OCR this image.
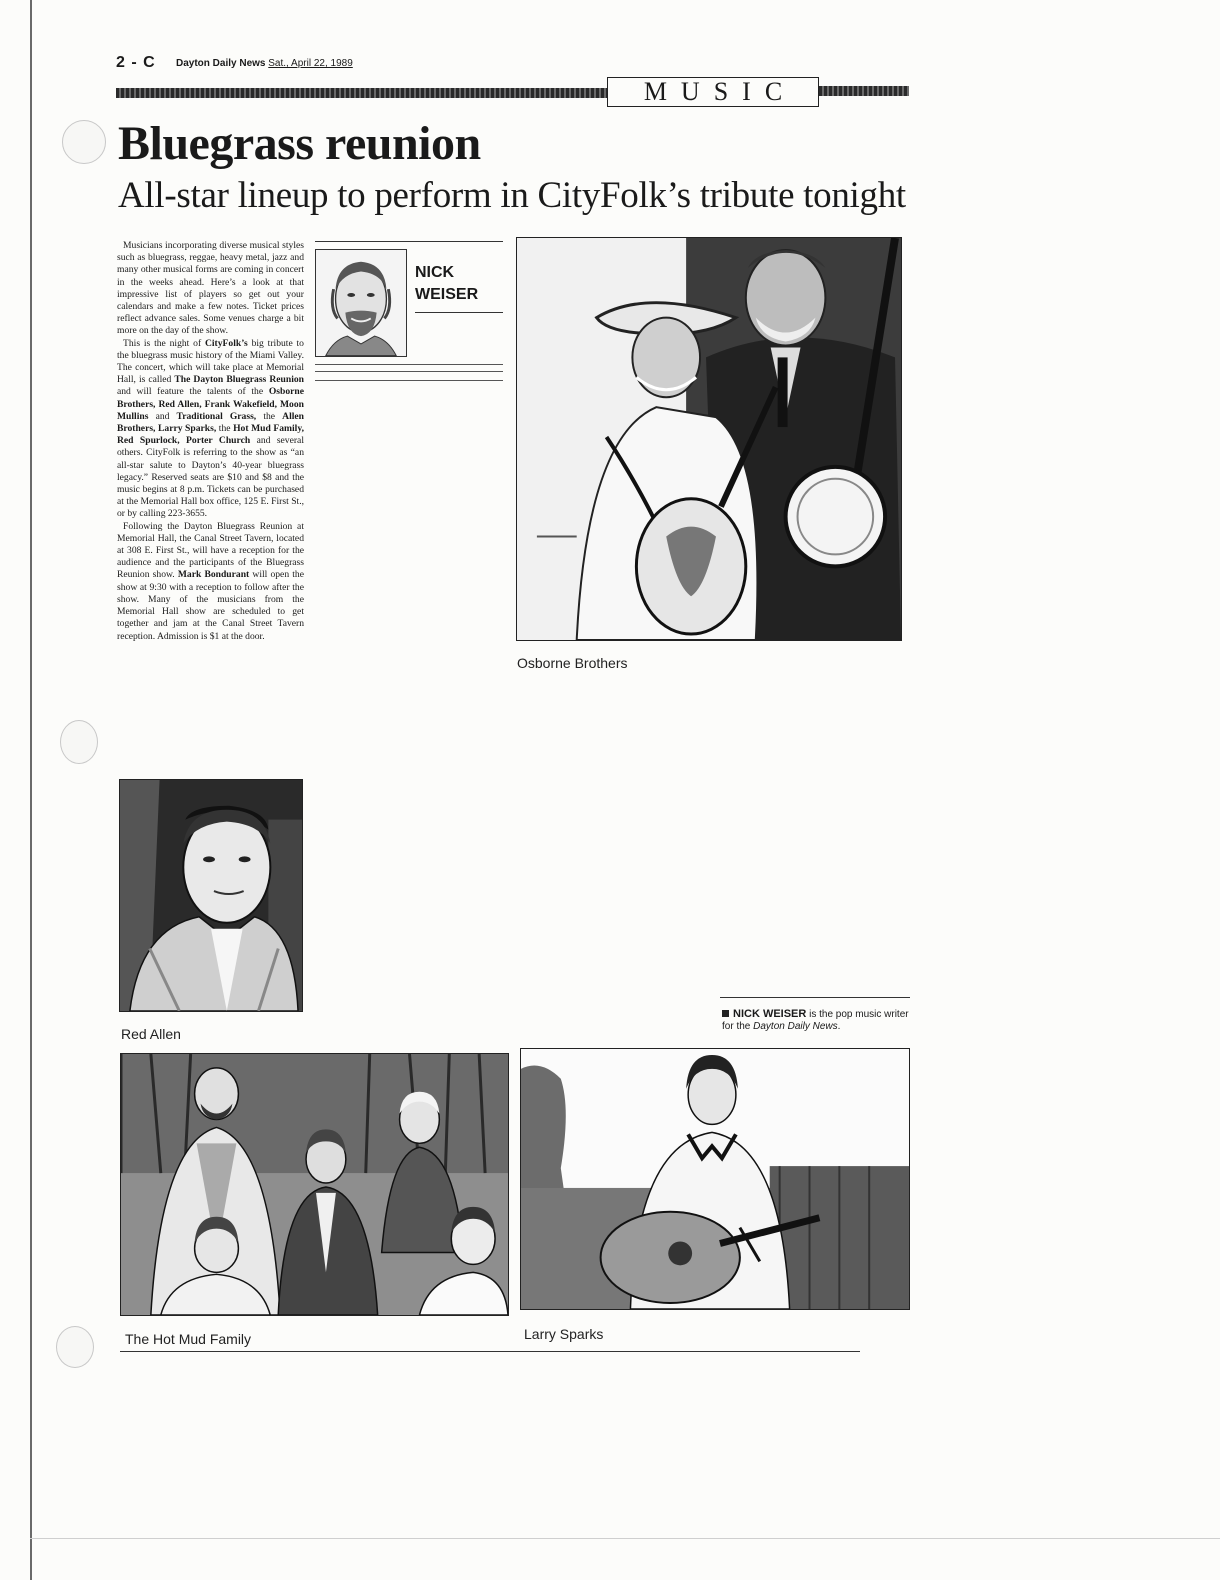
2 - C Dayton Daily News Sat., April 22, 1989
MUSIC
Bluegrass reunion
All-star lineup to perform in CityFolk’s tribute tonight

Musicians incorporating diverse musical styles such as bluegrass, reggae, heavy metal, jazz and many other musical forms are coming in concert in the weeks ahead. Here’s a look at that impressive list of players so get out your calendars and make a few notes. Ticket prices reflect advance sales. Some venues charge a bit more on the day of the show.

This is the night of CityFolk’s big tribute to the bluegrass music history of the Miami Valley. The concert, which will take place at Memorial Hall, is called The Dayton Bluegrass Reunion and will feature the talents of the Osborne Brothers, Red Allen, Frank Wakefield, Moon Mullins and Traditional Grass, the Allen Brothers, Larry Sparks, the Hot Mud Family, Red Spurlock, Porter Church and several others. CityFolk is referring to the show as “an all-star salute to Dayton’s 40-year bluegrass legacy.” Reserved seats are $10 and $8 and the music begins at 8 p.m. Tickets can be purchased at the Memorial Hall box office, 125 E. First St., or by calling 223-3655.

Following the Dayton Bluegrass Reunion at Memorial Hall, the Canal Street Tavern, located at 308 E. First St., will have a reception for the audience and the participants of the Bluegrass Reunion show. Mark Bondurant will open the show at 9:30 with a reception to follow after the show. Many of the musicians from the Memorial Hall show are scheduled to get together and jam at the Canal Street Tavern reception. Admission is $1 at the door.

NICK
WEISER
Osborne Brothers
Red Allen
NICK WEISER is the pop music writer for the Dayton Daily News.
The Hot Mud Family	Larry Sparks
